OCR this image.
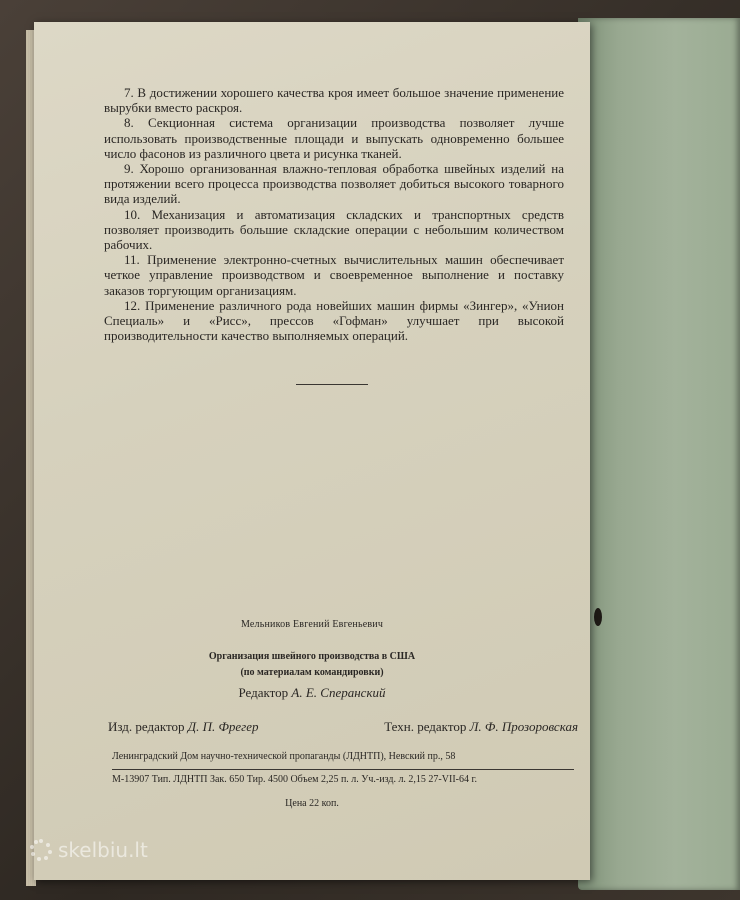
7. В достижении хорошего качества кроя имеет большое значение применение вырубки вместо раскроя.

8. Секционная система организации производства позволяет лучше использовать производственные площади и выпускать одновременно большее число фасонов из различного цвета и рисунка тканей.

9. Хорошо организованная влажно-тепловая обработка швейных изделий на протяжении всего процесса производства позволяет добиться высокого товарного вида изделий.

10. Механизация и автоматизация складских и транспортных средств позволяет производить большие складские операции с небольшим количеством рабочих.

11. Применение электронно-счетных вычислительных машин обеспечивает четкое управление производством и своевременное выполнение и поставку заказов торгующим организациям.

12. Применение различного рода новейших машин фирмы «Зингер», «Унион Специаль» и «Рисс», прессов «Гофман» улучшает при высокой производительности качество выполняемых операций.

Мельников Евгений Евгеньевич
Организация швейного производства в США
(по материалам командировки)
Редактор А. Е. Сперанский
Изд. редактор Д. П. Фрегер	Техн. редактор Л. Ф. Прозоровская
Ленинградский Дом научно-технической пропаганды (ЛДНТП), Невский пр., 58
М-13907 Тип. ЛДНТП Зак. 650 Тир. 4500 Объем 2,25 п. л. Уч.-изд. л. 2,15 27-VII-64 г.
Цена 22 коп.
skelbiu.lt
